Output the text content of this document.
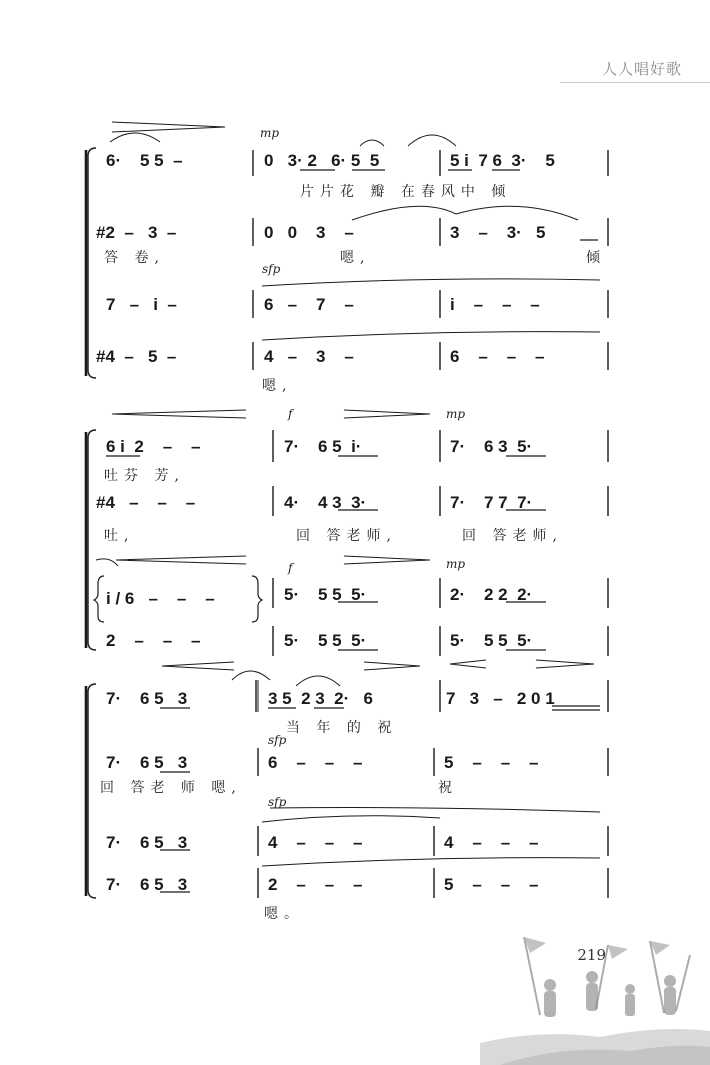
人人唱好歌
mp
sfp
6·    5 5  –	0   3· 2   6· 5  5	5 i  7 6  3·    5
片片花 瓣 在春风中 倾
#2  –   3  –	0   0    3    –	3    –    3·   5
答 卷,	嗯,	倾
7   –   i  –	6   –    7    –	i    –    –    –
#4  –   5  –	4   –    3    –	6    –    –    –
嗯,
f	mp
f	mp
6 i  2    –    –	7·    6 5  i·	7·    6 3  5·
吐芬 芳,
#4   –    –    –	4·    4 3  3·	7·    7 7  7·
吐,	回 答老师,	回 答老师,
i / 6   –    –    –	5·    5 5  5·	2·    2 2  2·
2    –    –    –	5·    5 5  5·	5·    5 5  5·
sfp
sfp
7·    6 5   3	3 5  2 3  2·   6	7   3   –   2 0 1
当 年 的 祝
7·    6 5   3	6    –    –    –	5    –    –    –
回 答老 师 嗯,	祝
7·    6 5   3	4    –    –    –	4    –    –    –
7·    6 5   3	2    –    –    –	5    –    –    –
嗯。
219
